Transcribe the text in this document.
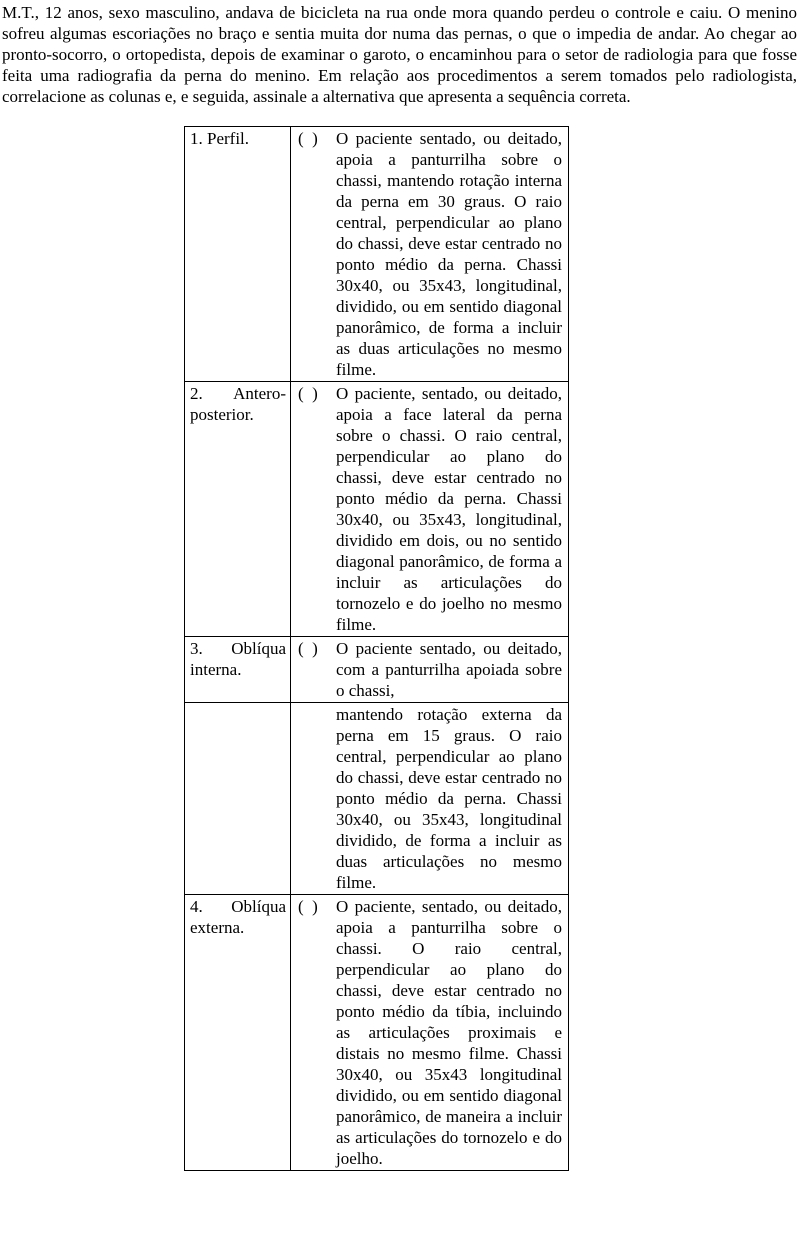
M.T., 12 anos, sexo masculino, andava de bicicleta na rua onde mora quando perdeu o controle e caiu. O menino sofreu algumas escoriações no braço e sentia muita dor numa das pernas, o que o impedia de andar. Ao chegar ao pronto-socorro, o ortopedista, depois de examinar o garoto, o encaminhou para o setor de radiologia para que fosse feita uma radiografia da perna do menino. Em relação aos procedimentos a serem tomados pelo radiologista, correlacione as colunas e, e seguida, assinale a alternativa que apresenta a sequência correta.
1. Perfil.	(  ) O paciente sentado, ou deitado, apoia a panturrilha sobre o chassi, mantendo rotação interna da perna em 30 graus. O raio central, perpendicular ao plano do chassi, deve estar centrado no ponto médio da perna. Chassi 30x40, ou 35x43, longitudinal, dividido, ou em sentido diagonal panorâmico, de forma a incluir as duas articulações no mesmo filme.

2. Antero-posterior.	(  ) O paciente, sentado, ou deitado, apoia a face lateral da perna sobre o chassi. O raio central, perpendicular ao plano do chassi, deve estar centrado no ponto médio da perna. Chassi 30x40, ou 35x43, longitudinal, dividido em dois, ou no sentido diagonal panorâmico, de forma a incluir as articulações do tornozelo e do joelho no mesmo filme.

3. Oblíqua interna.	(  ) O paciente sentado, ou deitado, com a panturrilha apoiada sobre o chassi,

	mantendo rotação externa da perna em 15 graus. O raio central, perpendicular ao plano do chassi, deve estar centrado no ponto médio da perna. Chassi 30x40, ou 35x43, longitudinal dividido, de forma a incluir as duas articulações no mesmo filme.

4. Oblíqua externa.	(  ) O paciente, sentado, ou deitado, apoia a panturrilha sobre o chassi. O raio central, perpendicular ao plano do chassi, deve estar centrado no ponto médio da tíbia, incluindo as articulações proximais e distais no mesmo filme. Chassi 30x40, ou 35x43 longitudinal dividido, ou em sentido diagonal panorâmico, de maneira a incluir as articulações do tornozelo e do joelho.
